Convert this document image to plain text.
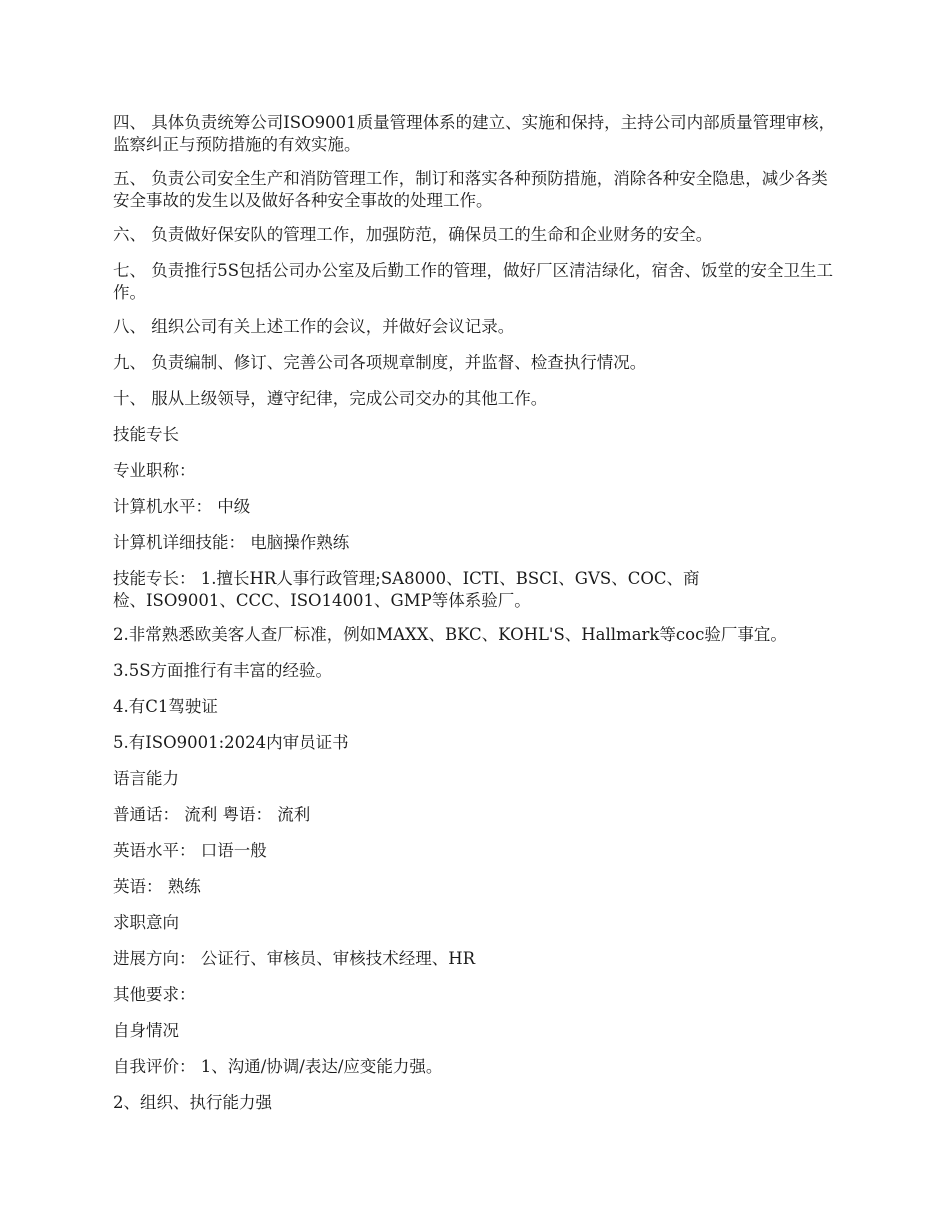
四、 具体负责统筹公司ISO9001质量管理体系的建立、实施和保持，主持公司内部质量管理审核，监察纠正与预防措施的有效实施。

五、 负责公司安全生产和消防管理工作，制订和落实各种预防措施，消除各种安全隐患，减少各类安全事故的发生以及做好各种安全事故的处理工作。

六、 负责做好保安队的管理工作，加强防范，确保员工的生命和企业财务的安全。

七、 负责推行5S包括公司办公室及后勤工作的管理，做好厂区清洁绿化，宿舍、饭堂的安全卫生工作。

八、 组织公司有关上述工作的会议，并做好会议记录。

九、 负责编制、修订、完善公司各项规章制度，并监督、检查执行情况。

十、 服从上级领导，遵守纪律，完成公司交办的其他工作。

技能专长

专业职称：

计算机水平： 中级

计算机详细技能： 电脑操作熟练

技能专长： 1.擅长HR人事行政管理;SA8000、ICTI、BSCI、GVS、COC、商
检、ISO9001、CCC、ISO14001、GMP等体系验厂。

2.非常熟悉欧美客人查厂标准，例如MAXX、BKC、KOHL'S、Hallmark等coc验厂事宜。

3.5S方面推行有丰富的经验。

4.有C1驾驶证

5.有ISO9001:2024内审员证书

语言能力

普通话： 流利 粤语： 流利

英语水平： 口语一般

英语： 熟练

求职意向

进展方向： 公证行、审核员、审核技术经理、HR

其他要求：

自身情况

自我评价： 1、沟通/协调/表达/应变能力强。

2、组织、执行能力强
